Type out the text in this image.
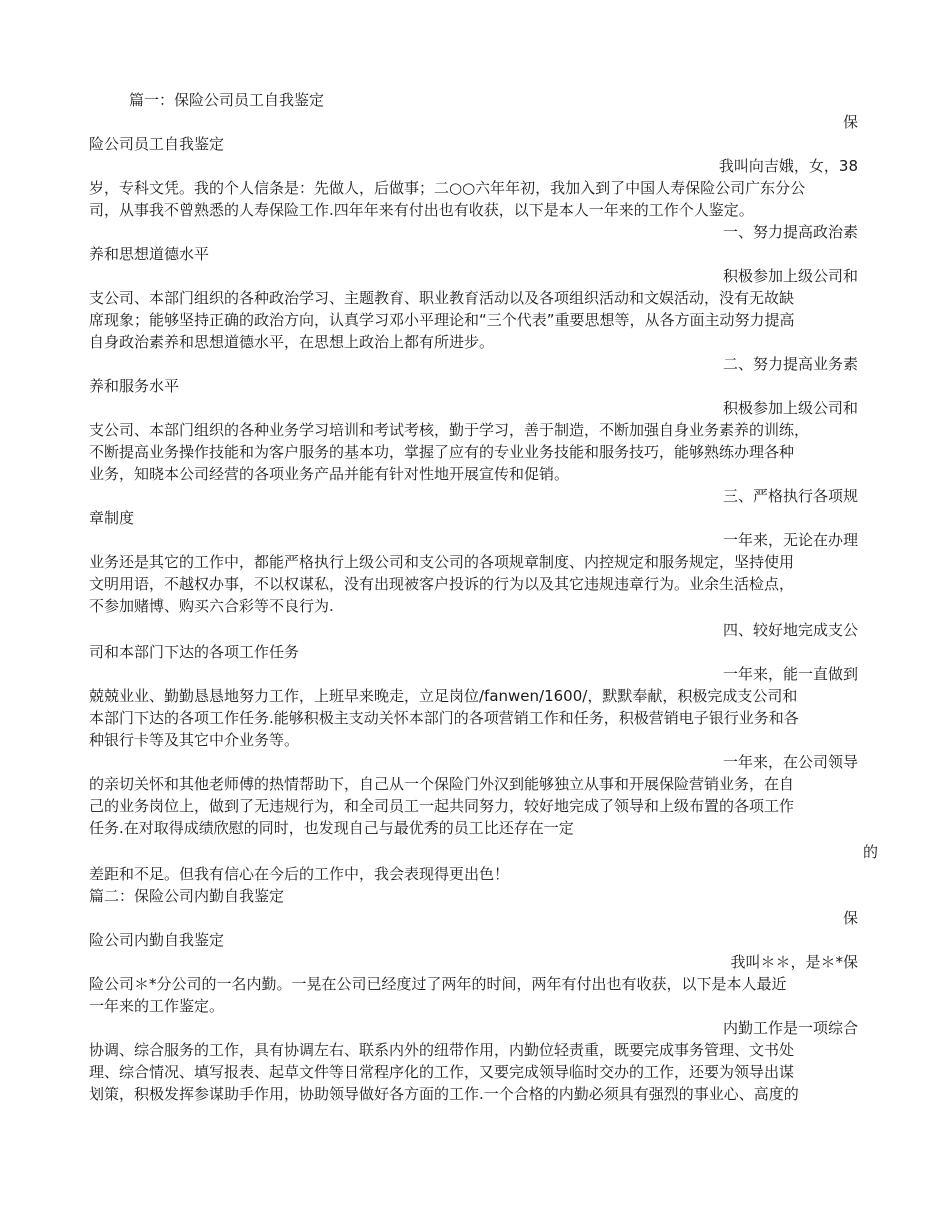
篇一：保险公司员工自我鉴定
保
险公司员工自我鉴定
我叫向吉娥，女，38
岁，专科文凭。我的个人信条是：先做人，后做事；二○○六年年初，我加入到了中国人寿保险公司广东分公
司，从事我不曾熟悉的人寿保险工作.四年年来有付出也有收获，以下是本人一年来的工作个人鉴定。
一、努力提高政治素
养和思想道德水平
积极参加上级公司和
支公司、本部门组织的各种政治学习、主题教育、职业教育活动以及各项组织活动和文娱活动，没有无故缺
席现象；能够坚持正确的政治方向，认真学习邓小平理论和“三个代表”重要思想等，从各方面主动努力提高
自身政治素养和思想道德水平，在思想上政治上都有所进步。
二、努力提高业务素
养和服务水平
积极参加上级公司和
支公司、本部门组织的各种业务学习培训和考试考核，勤于学习，善于制造，不断加强自身业务素养的训练，
不断提高业务操作技能和为客户服务的基本功，掌握了应有的专业业务技能和服务技巧，能够熟练办理各种
业务，知晓本公司经营的各项业务产品并能有针对性地开展宣传和促销。
三、严格执行各项规
章制度
一年来，无论在办理
业务还是其它的工作中，都能严格执行上级公司和支公司的各项规章制度、内控规定和服务规定，坚持使用
文明用语，不越权办事，不以权谋私，没有出现被客户投诉的行为以及其它违规违章行为。业余生活检点，
不参加赌博、购买六合彩等不良行为.
四、较好地完成支公
司和本部门下达的各项工作任务
一年来，能一直做到
兢兢业业、勤勤恳恳地努力工作，上班早来晚走，立足岗位/fanwen/1600/，默默奉献，积极完成支公司和
本部门下达的各项工作任务.能够积极主支动关怀本部门的各项营销工作和任务，积极营销电子银行业务和各
种银行卡等及其它中介业务等。
一年来，在公司领导
的亲切关怀和其他老师傅的热情帮助下，自己从一个保险门外汉到能够独立从事和开展保险营销业务，在自
己的业务岗位上，做到了无违规行为，和全司员工一起共同努力，较好地完成了领导和上级布置的各项工作
任务.在对取得成绩欣慰的同时，也发现自己与最优秀的员工比还存在一定
的
差距和不足。但我有信心在今后的工作中，我会表现得更出色！
篇二：保险公司内勤自我鉴定
保
险公司内勤自我鉴定
我叫＊＊，是＊*保
险公司＊*分公司的一名内勤。一晃在公司已经度过了两年的时间，两年有付出也有收获，以下是本人最近
一年来的工作鉴定。
内勤工作是一项综合
协调、综合服务的工作，具有协调左右、联系内外的纽带作用，内勤位轻责重，既要完成事务管理、文书处
理、综合情况、填写报表、起草文件等日常程序化的工作，又要完成领导临时交办的工作，还要为领导出谋
划策，积极发挥参谋助手作用，协助领导做好各方面的工作.一个合格的内勤必须具有强烈的事业心、高度的
